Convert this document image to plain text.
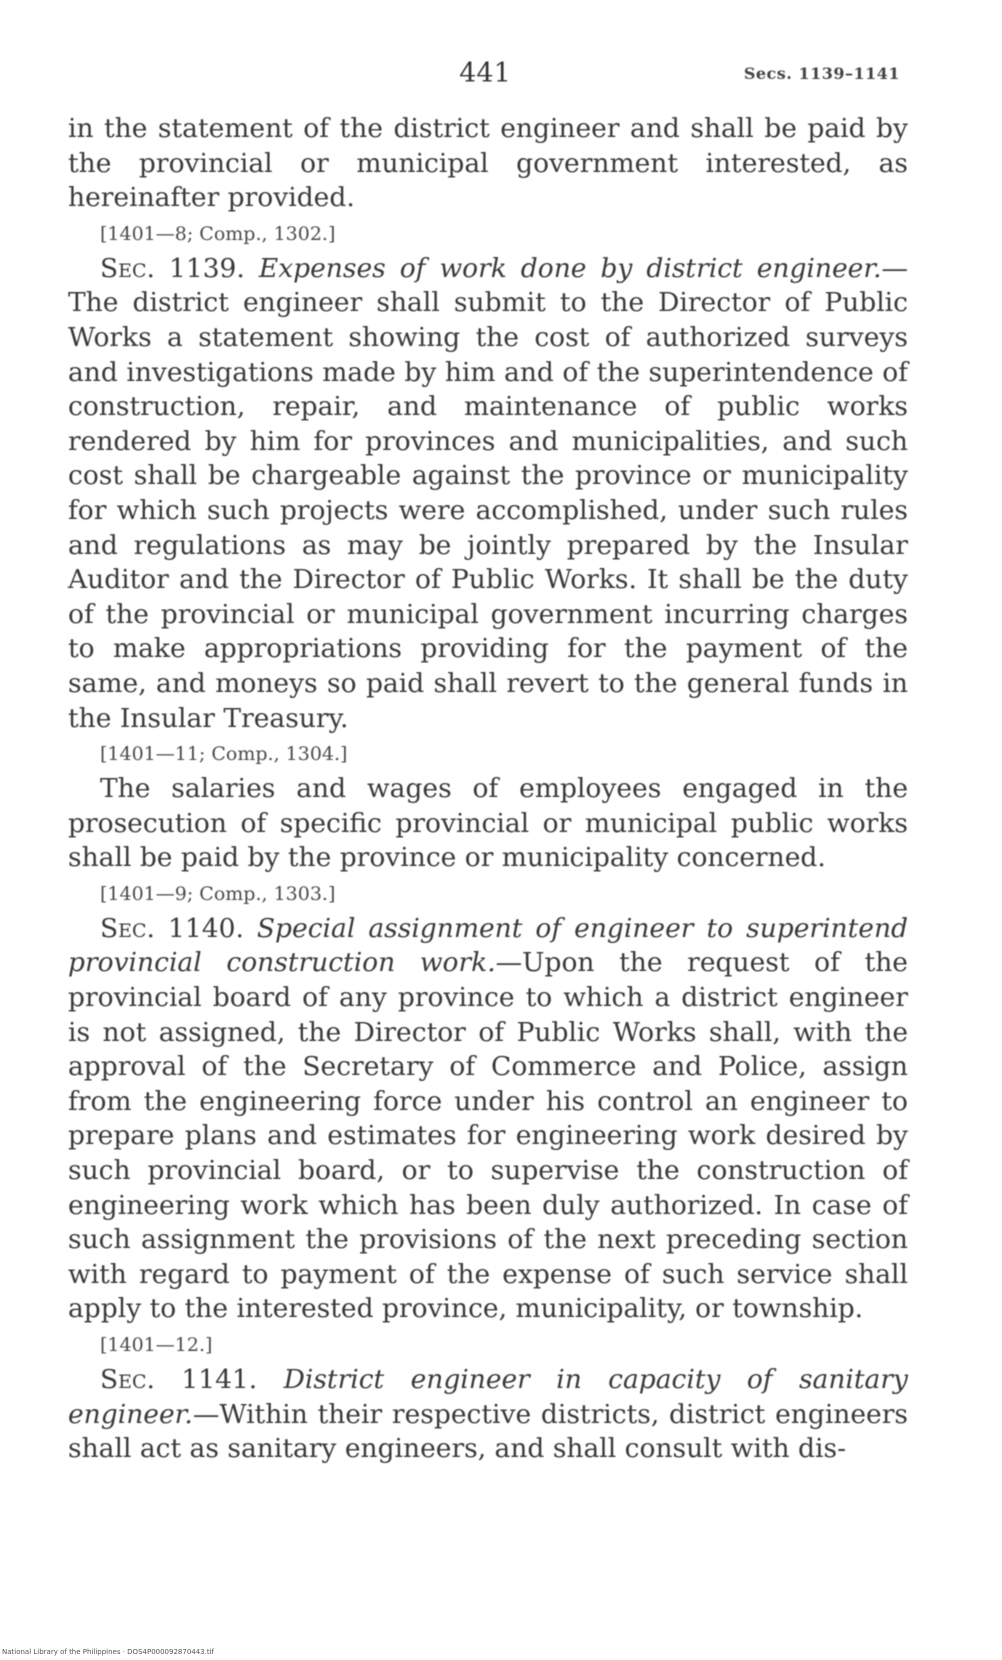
441	Secs. 1139–1141

in the statement of the district engineer and shall be paid by the provincial or municipal government interested, as hereinafter provided.

[1401—8; Comp., 1302.]

Sec. 1139. Expenses of work done by district engineer.— The district engineer shall submit to the Director of Public Works a statement showing the cost of authorized surveys and investigations made by him and of the superintendence of construction, repair, and maintenance of public works rendered by him for provinces and municipalities, and such cost shall be chargeable against the province or municipality for which such projects were accomplished, under such rules and regulations as may be jointly prepared by the Insular Auditor and the Director of Public Works. It shall be the duty of the provincial or municipal government incurring charges to make appropriations providing for the payment of the same, and moneys so paid shall revert to the general funds in the Insular Treasury.

[1401—11; Comp., 1304.]

The salaries and wages of employees engaged in the prosecution of specific provincial or municipal public works shall be paid by the province or municipality concerned.

[1401—9; Comp., 1303.]

Sec. 1140. Special assignment of engineer to superintend provincial construction work.—Upon the request of the provincial board of any province to which a district engineer is not assigned, the Director of Public Works shall, with the approval of the Secretary of Commerce and Police, assign from the engineering force under his control an engineer to prepare plans and estimates for engineering work desired by such provincial board, or to supervise the construction of engineering work which has been duly authorized. In case of such assignment the provisions of the next preceding section with regard to payment of the expense of such service shall apply to the interested province, municipality, or township.

[1401—12.]

Sec. 1141. District engineer in capacity of sanitary engineer.—Within their respective districts, district engineers shall act as sanitary engineers, and shall consult with dis-

National Library of the Philippines · DOS4P000092870443.tif
